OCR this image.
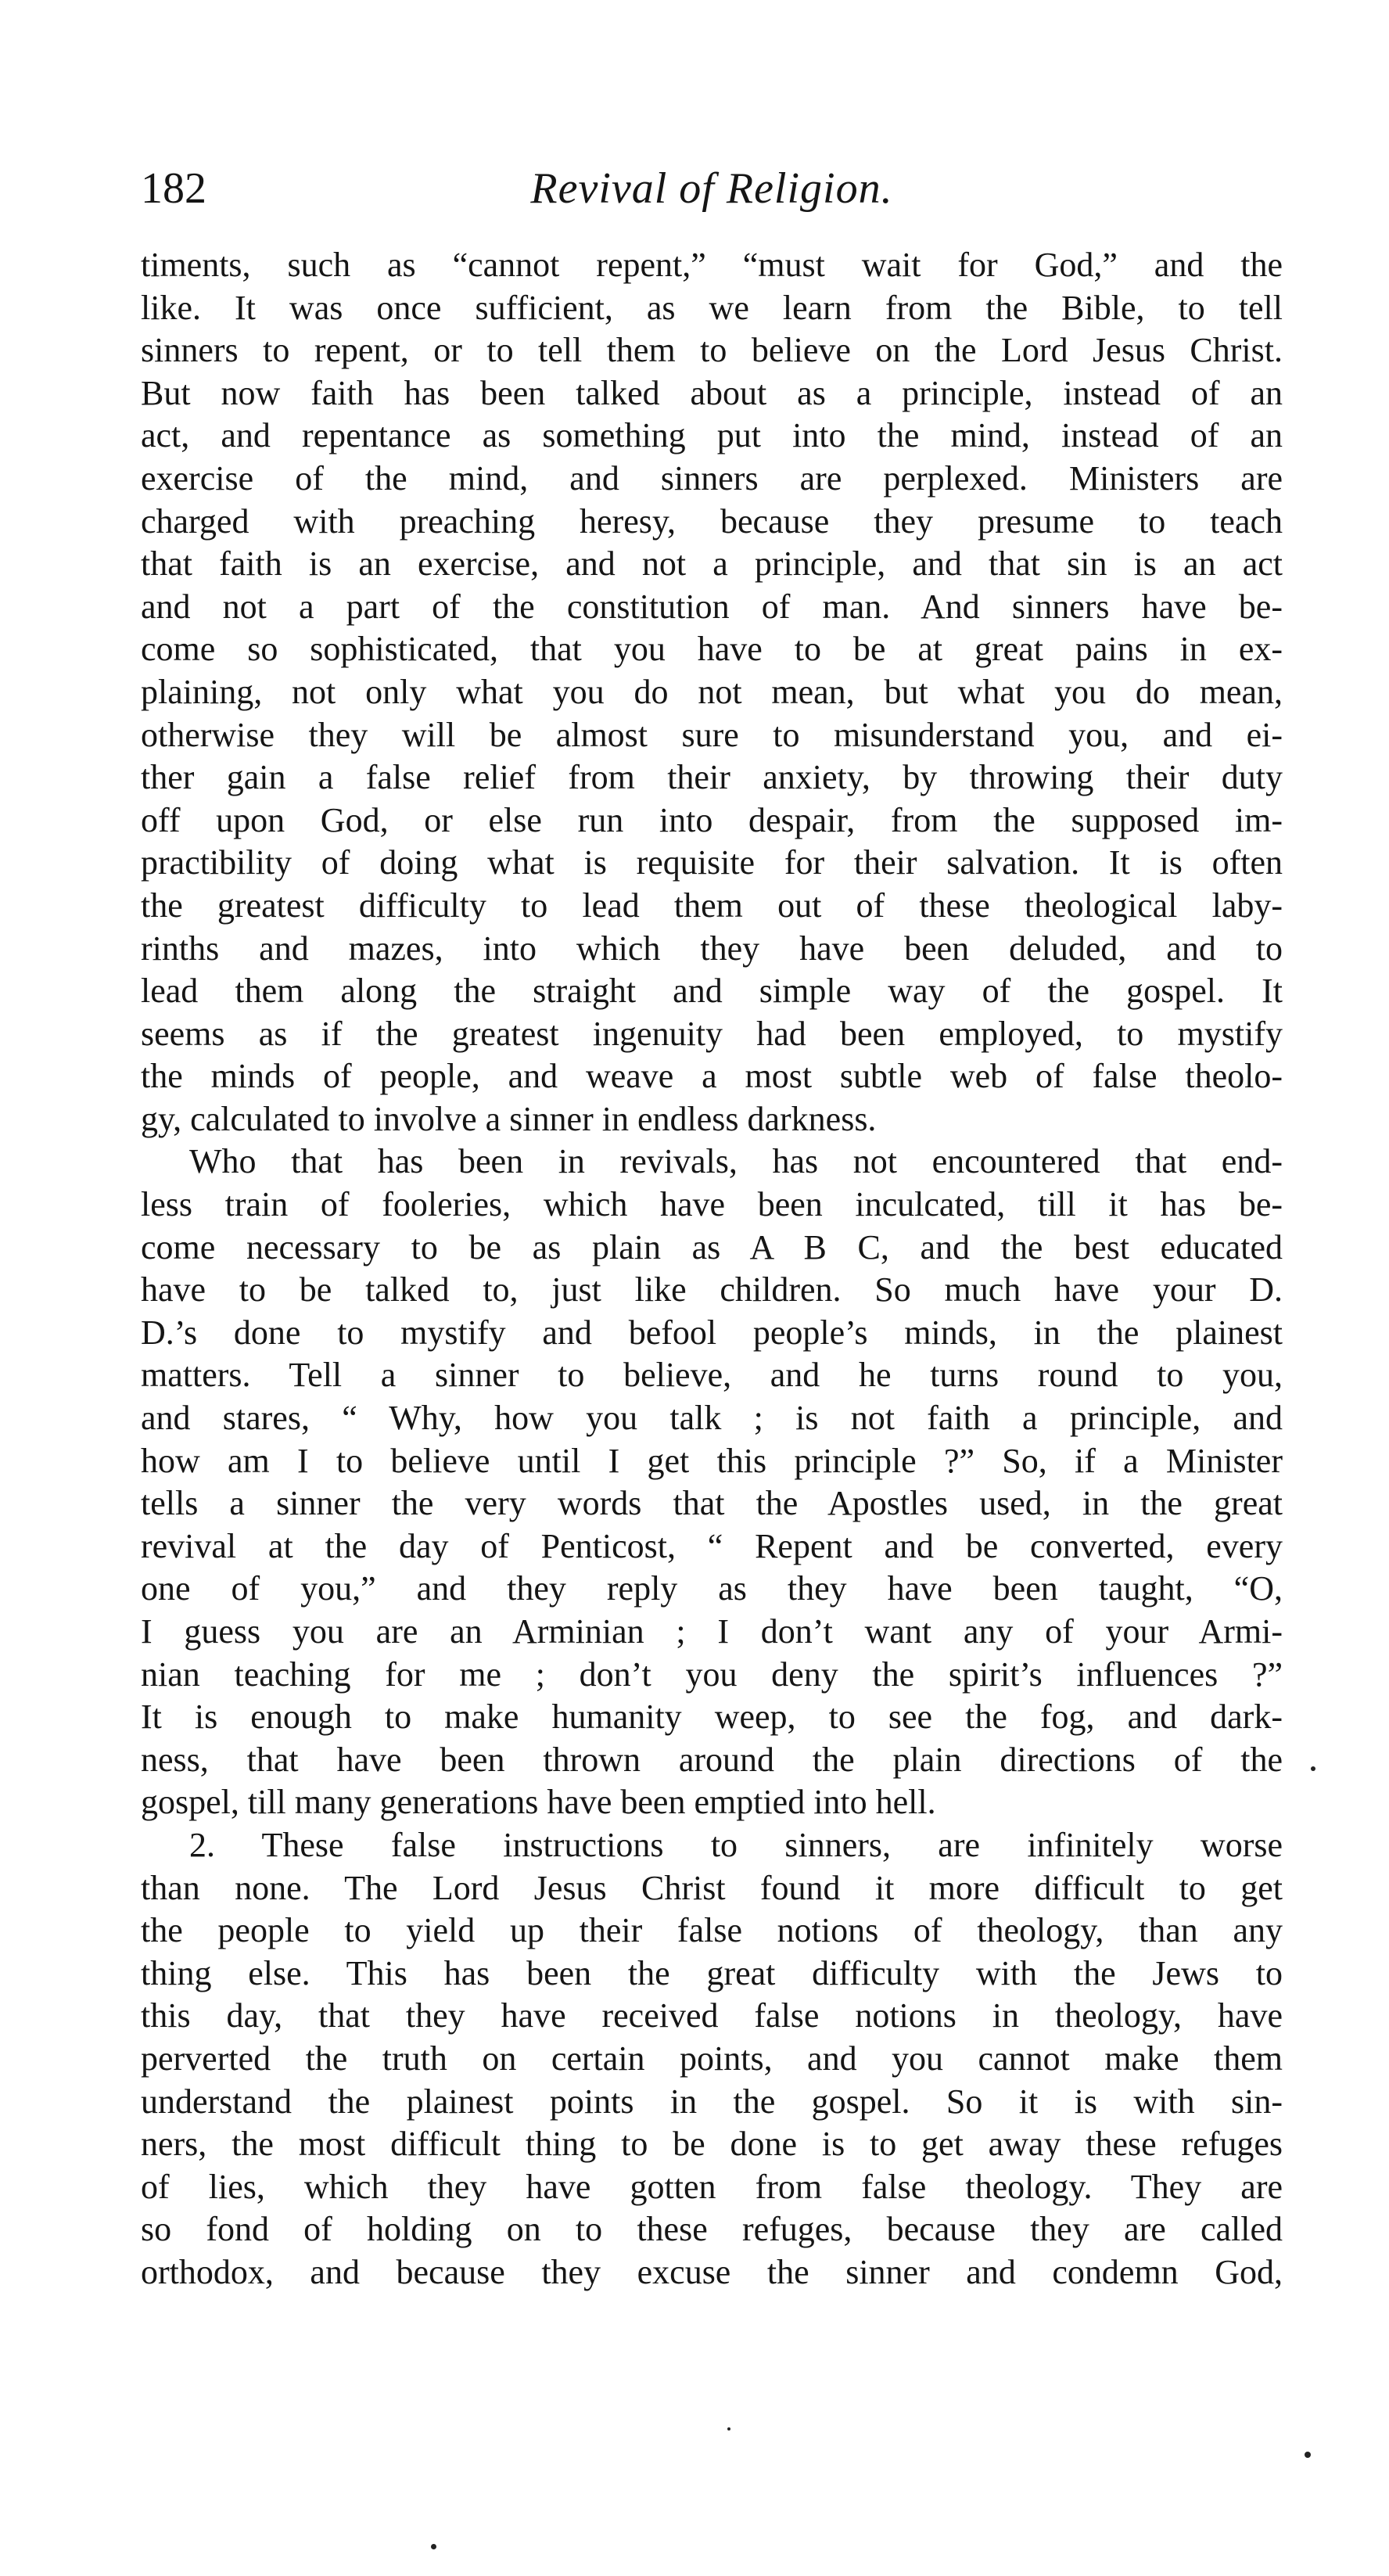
182	Revival of Religion.
timents, such as “cannot repent,” “must wait for God,” and the
like. It was once sufficient, as we learn from the Bible, to tell
sinners to repent, or to tell them to believe on the Lord Jesus Christ.
But now faith has been talked about as a principle, instead of an
act, and repentance as something put into the mind, instead of an
exercise of the mind, and sinners are perplexed. Ministers are
charged with preaching heresy, because they presume to teach
that faith is an exercise, and not a principle, and that sin is an act
and not a part of the constitution of man. And sinners have be-
come so sophisticated, that you have to be at great pains in ex-
plaining, not only what you do not mean, but what you do mean,
otherwise they will be almost sure to misunderstand you, and ei-
ther gain a false relief from their anxiety, by throwing their duty
off upon God, or else run into despair, from the supposed im-
practibility of doing what is requisite for their salvation. It is often
the greatest difficulty to lead them out of these theological laby-
rinths and mazes, into which they have been deluded, and to
lead them along the straight and simple way of the gospel. It
seems as if the greatest ingenuity had been employed, to mystify
the minds of people, and weave a most subtle web of false theolo-
gy, calculated to involve a sinner in endless darkness.
Who that has been in revivals, has not encountered that end-
less train of fooleries, which have been inculcated, till it has be-
come necessary to be as plain as A B C, and the best educated
have to be talked to, just like children. So much have your D.
D.’s done to mystify and befool people’s minds, in the plainest
matters. Tell a sinner to believe, and he turns round to you,
and stares, “ Why, how you talk ; is not faith a principle, and
how am I to believe until I get this principle ?” So, if a Minister
tells a sinner the very words that the Apostles used, in the great
revival at the day of Penticost, “ Repent and be converted, every
one of you,” and they reply as they have been taught, “O,
I guess you are an Arminian ; I don’t want any of your Armi-
nian teaching for me ; don’t you deny the spirit’s influences ?”
It is enough to make humanity weep, to see the fog, and dark-
ness, that have been thrown around the plain directions of the
gospel, till many generations have been emptied into hell.
2. These false instructions to sinners, are infinitely worse
than none. The Lord Jesus Christ found it more difficult to get
the people to yield up their false notions of theology, than any
thing else. This has been the great difficulty with the Jews to
this day, that they have received false notions in theology, have
perverted the truth on certain points, and you cannot make them
understand the plainest points in the gospel. So it is with sin-
ners, the most difficult thing to be done is to get away these refuges
of lies, which they have gotten from false theology. They are
so fond of holding on to these refuges, because they are called
orthodox, and because they excuse the sinner and condemn God,
